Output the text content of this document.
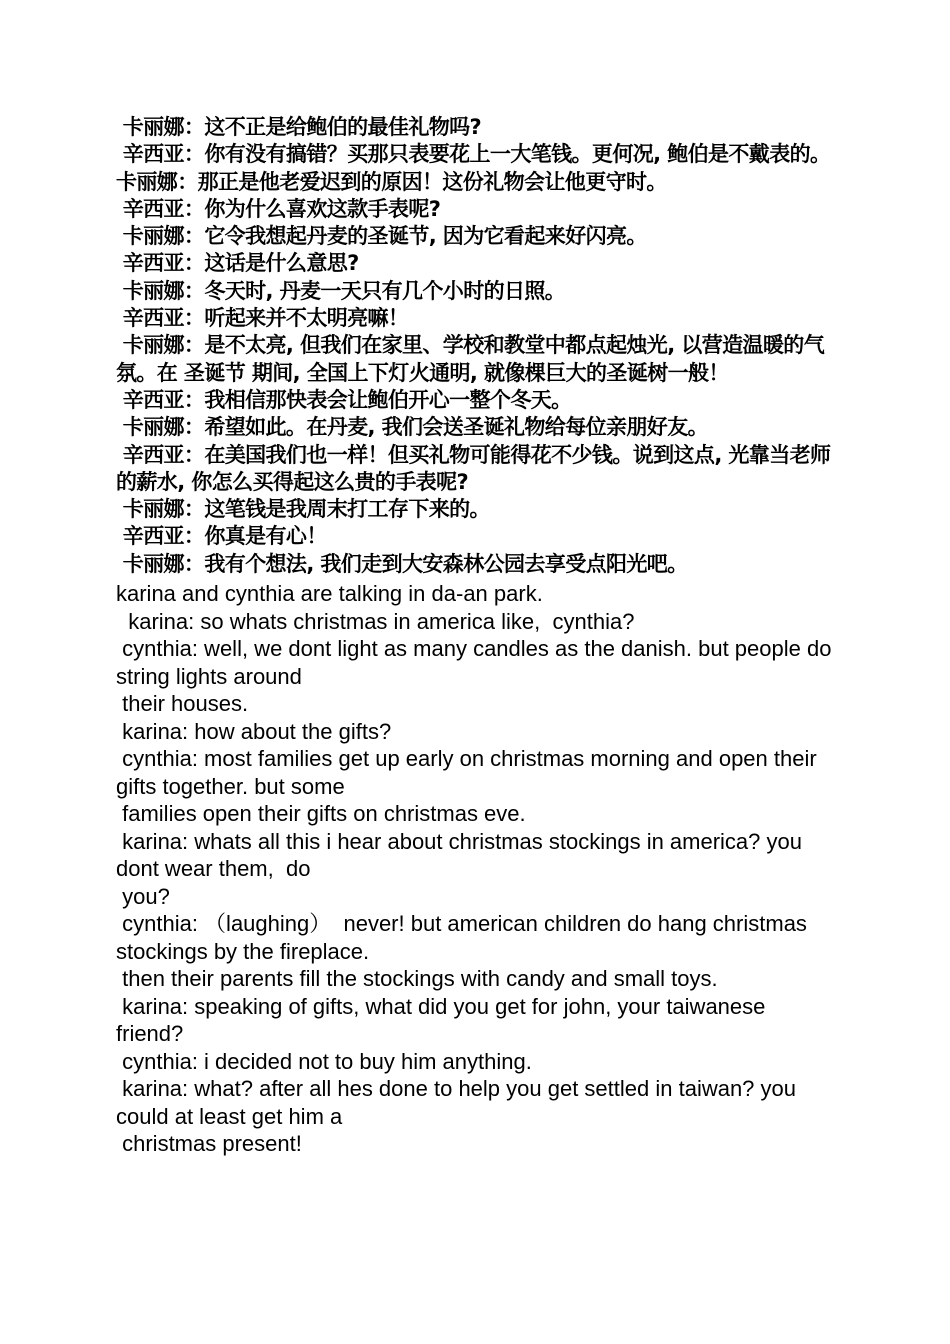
卡丽娜：这不正是给鲍伯的最佳礼物吗?

辛西亚：你有没有搞错？买那只表要花上一大笔钱。更何况, 鲍伯是不戴表的。卡丽娜：那正是他老爱迟到的原因！这份礼物会让他更守时。

辛西亚：你为什么喜欢这款手表呢?

卡丽娜：它令我想起丹麦的圣诞节, 因为它看起来好闪亮。

辛西亚：这话是什么意思?

卡丽娜：冬天时, 丹麦一天只有几个小时的日照。

辛西亚：听起来并不太明亮嘛！

卡丽娜：是不太亮, 但我们在家里、学校和教堂中都点起烛光, 以营造温暖的气氛。在 圣诞节 期间, 全国上下灯火通明, 就像棵巨大的圣诞树一般！

辛西亚：我相信那快表会让鲍伯开心一整个冬天。

卡丽娜：希望如此。在丹麦, 我们会送圣诞礼物给每位亲朋好友。

辛西亚：在美国我们也一样！但买礼物可能得花不少钱。说到这点, 光靠当老师的薪水, 你怎么买得起这么贵的手表呢?

卡丽娜：这笔钱是我周末打工存下来的。

辛西亚：你真是有心！

卡丽娜：我有个想法, 我们走到大安森林公园去享受点阳光吧。

karina and cynthia are talking in da-an park.

karina: so whats christmas in america like,  cynthia?

cynthia: well, we dont light as many candles as the danish. but people do string lights around

their houses.

karina: how about the gifts?

cynthia: most families get up early on christmas morning and open their gifts together. but some

families open their gifts on christmas eve.

karina: whats all this i hear about christmas stockings in america? you dont wear them,  do

you?

cynthia: （laughing）  never! but american children do hang christmas stockings by the fireplace.

then their parents fill the stockings with candy and small toys.

karina: speaking of gifts, what did you get for john, your taiwanese friend?

cynthia: i decided not to buy him anything.

karina: what? after all hes done to help you get settled in taiwan? you could at least get him a

christmas present!
